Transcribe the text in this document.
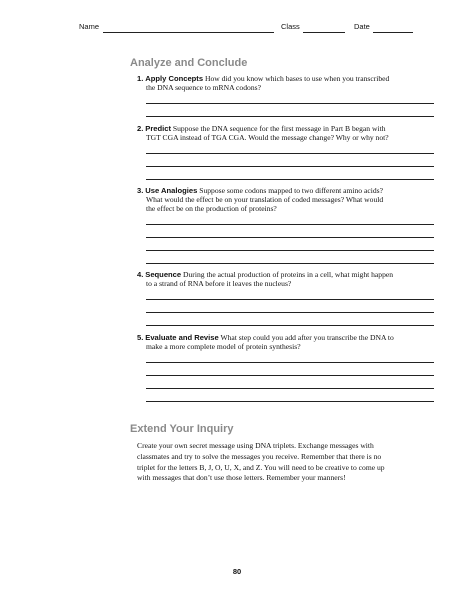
Name	Class	Date
Analyze and Conclude
1. Apply Concepts How did you know which bases to use when you transcribed
the DNA sequence to mRNA codons?
2. Predict Suppose the DNA sequence for the first message in Part B began with
TGT CGA instead of TGA CGA. Would the message change? Why or why not?
3. Use Analogies Suppose some codons mapped to two different amino acids?
What would the effect be on your translation of coded messages? What would
the effect be on the production of proteins?
4. Sequence During the actual production of proteins in a cell, what might happen
to a strand of RNA before it leaves the nucleus?
5. Evaluate and Revise What step could you add after you transcribe the DNA to
make a more complete model of protein synthesis?
Extend Your Inquiry
Create your own secret message using DNA triplets. Exchange messages with
classmates and try to solve the messages you receive. Remember that there is no
triplet for the letters B, J, O, U, X, and Z. You will need to be creative to come up
with messages that don’t use those letters. Remember your manners!
80
